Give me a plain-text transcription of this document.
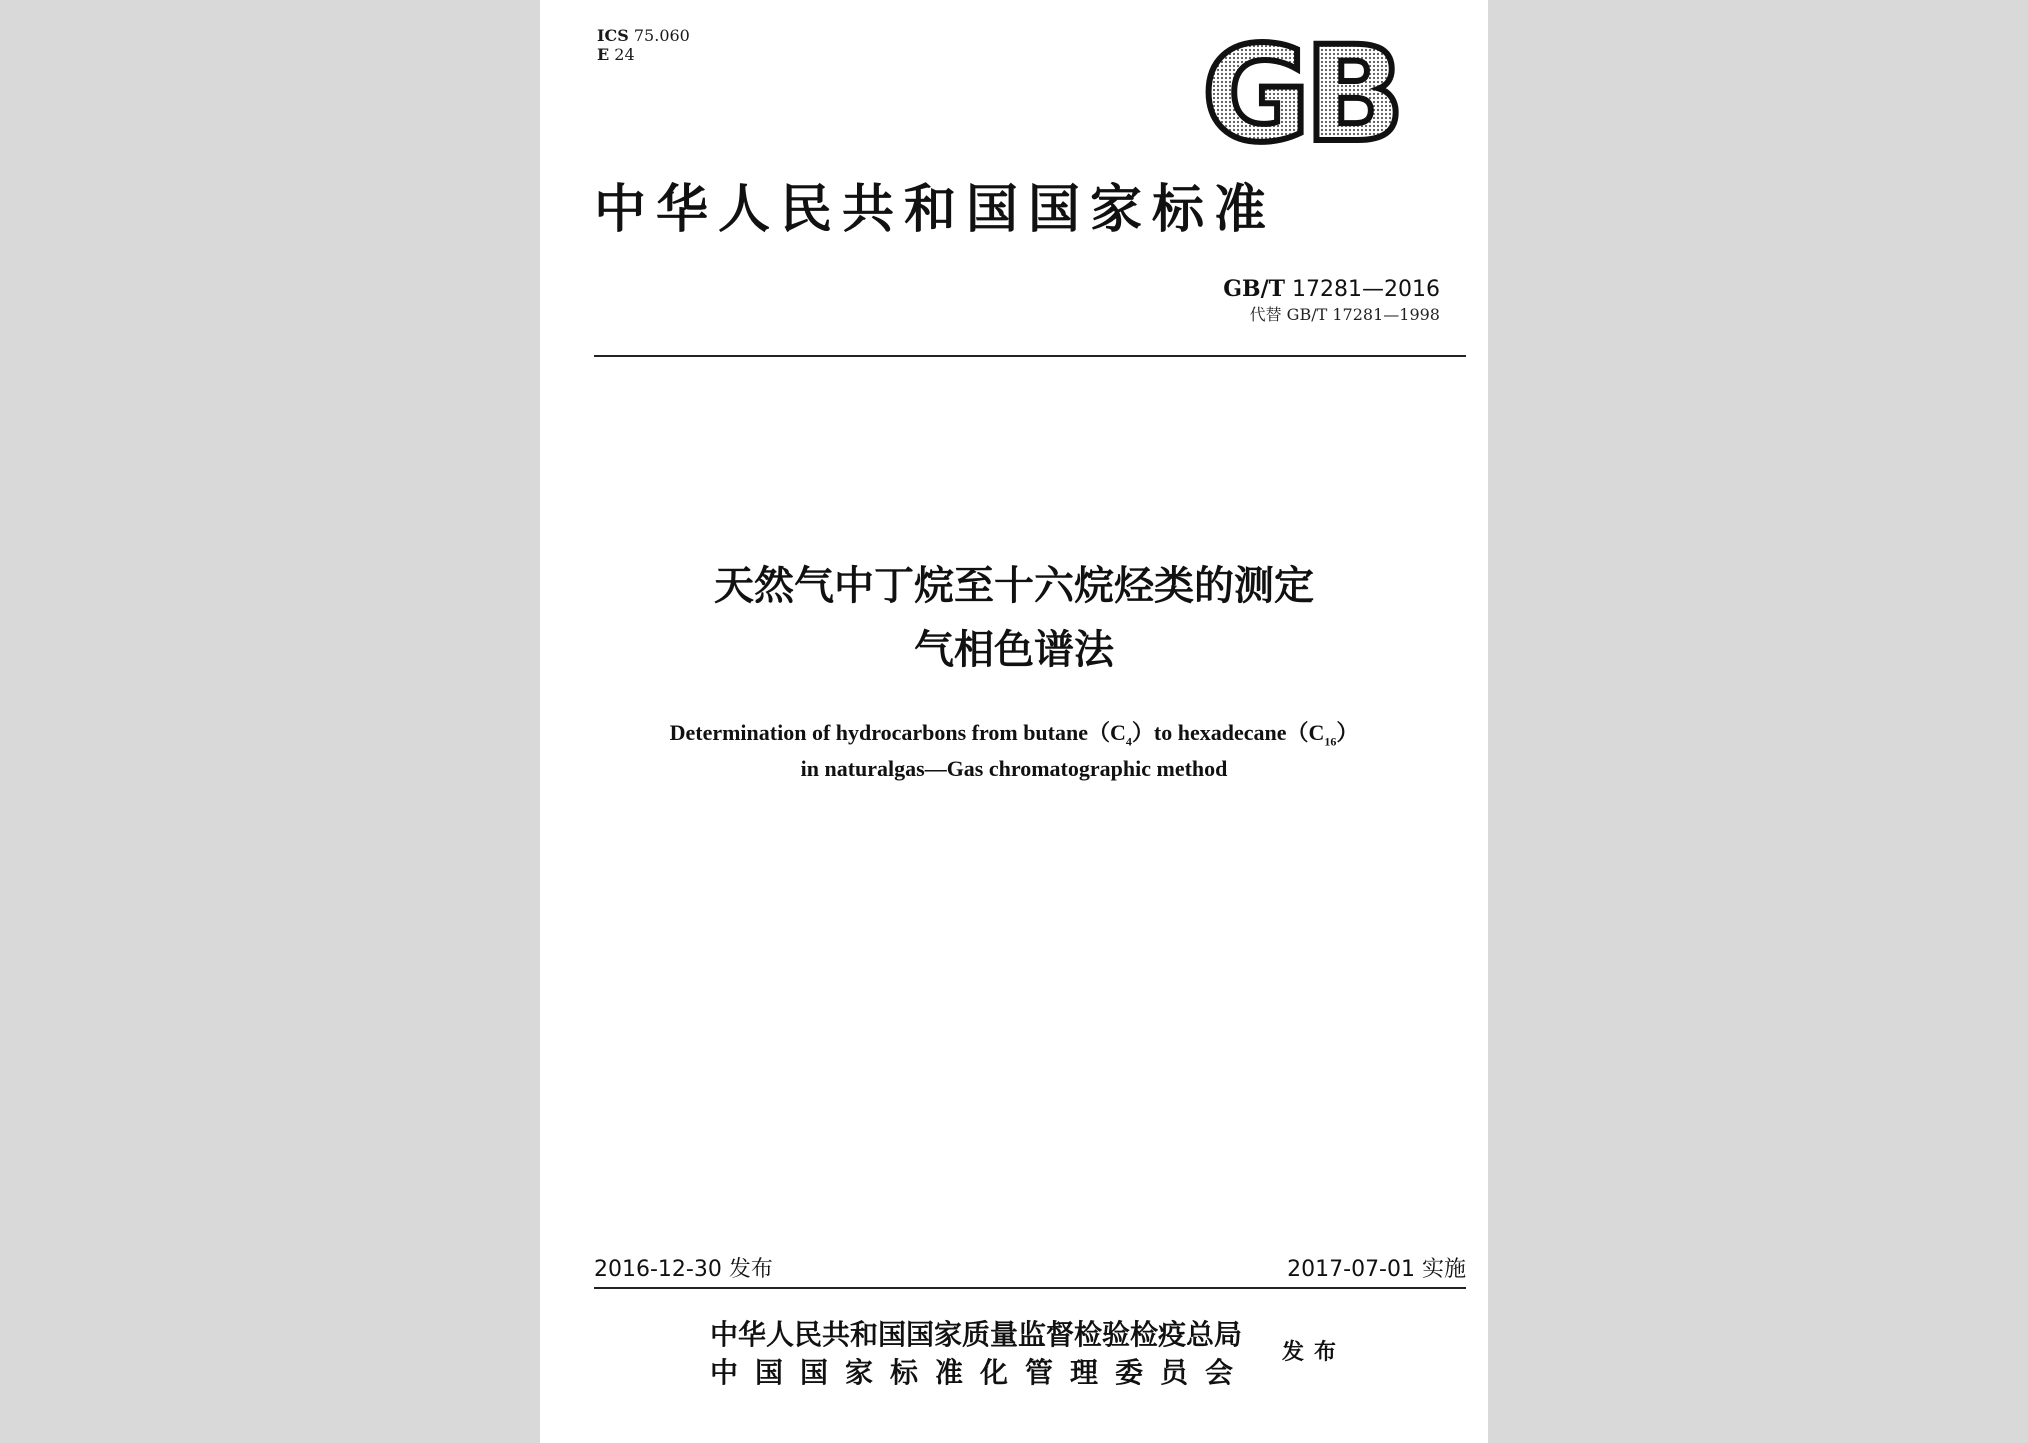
ICS 75.060
E 24	GB
中华人民共和国国家标准
GB/T 17281—2016
代替 GB/T 17281—1998
天然气中丁烷至十六烷烃类的测定
气相色谱法
Determination of hydrocarbons from $butane(C_4)to$ $hexadecane(C_{16})$
in naturalgas—Gas chromatographic method
2016-12-30 发布	2017-07-01 实施
中华人民共和国国家质量监督检验检疫总局
中国国家标准化管理委员会
发布
